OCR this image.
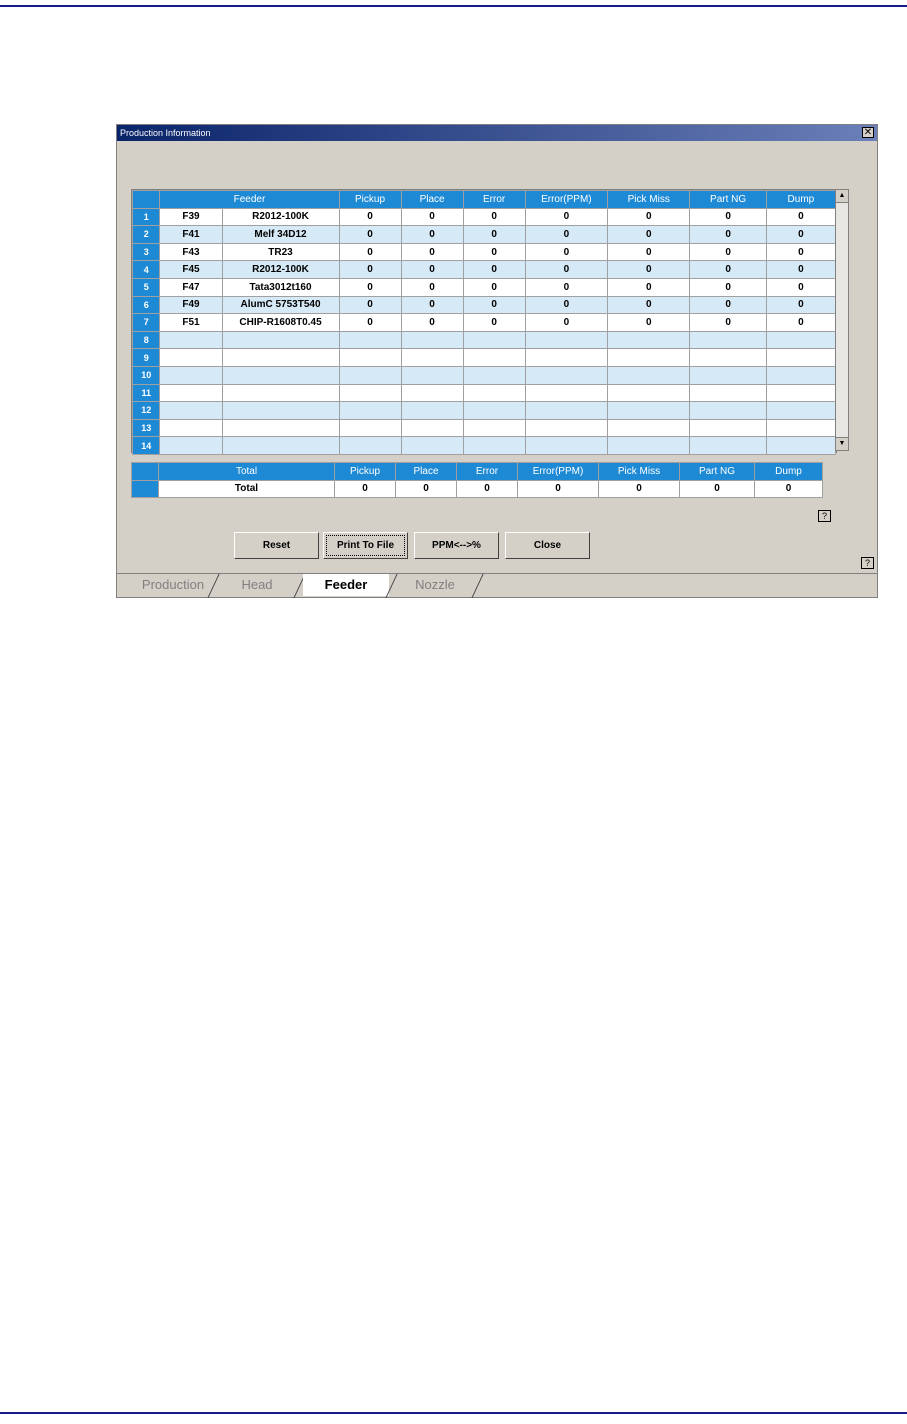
Production Information	✕
	Feeder		Pickup	Place	Error	Error(PPM)	Pick Miss	Part NG	Dump
1	F39	R2012-100K	0	0	0	0	0	0	0
2	F41	Melf 34D12	0	0	0	0	0	0	0
3	F43	TR23	0	0	0	0	0	0	0
4	F45	R2012-100K	0	0	0	0	0	0	0
5	F47	Tata3012t160	0	0	0	0	0	0	0
6	F49	AlumC 5753T540	0	0	0	0	0	0	0
7	F51	CHIP-R1608T0.45	0	0	0	0	0	0	0
8									
9									
10									
11									
12									
13									
14									
▲
▼
	Total	Pickup	Place	Error	Error(PPM)	Pick Miss	Part NG	Dump
	Total	0	0	0	0	0	0	0
?
?
Reset	Print To File	PPM<-->%	Close
Production	Head	Feeder	Nozzle
